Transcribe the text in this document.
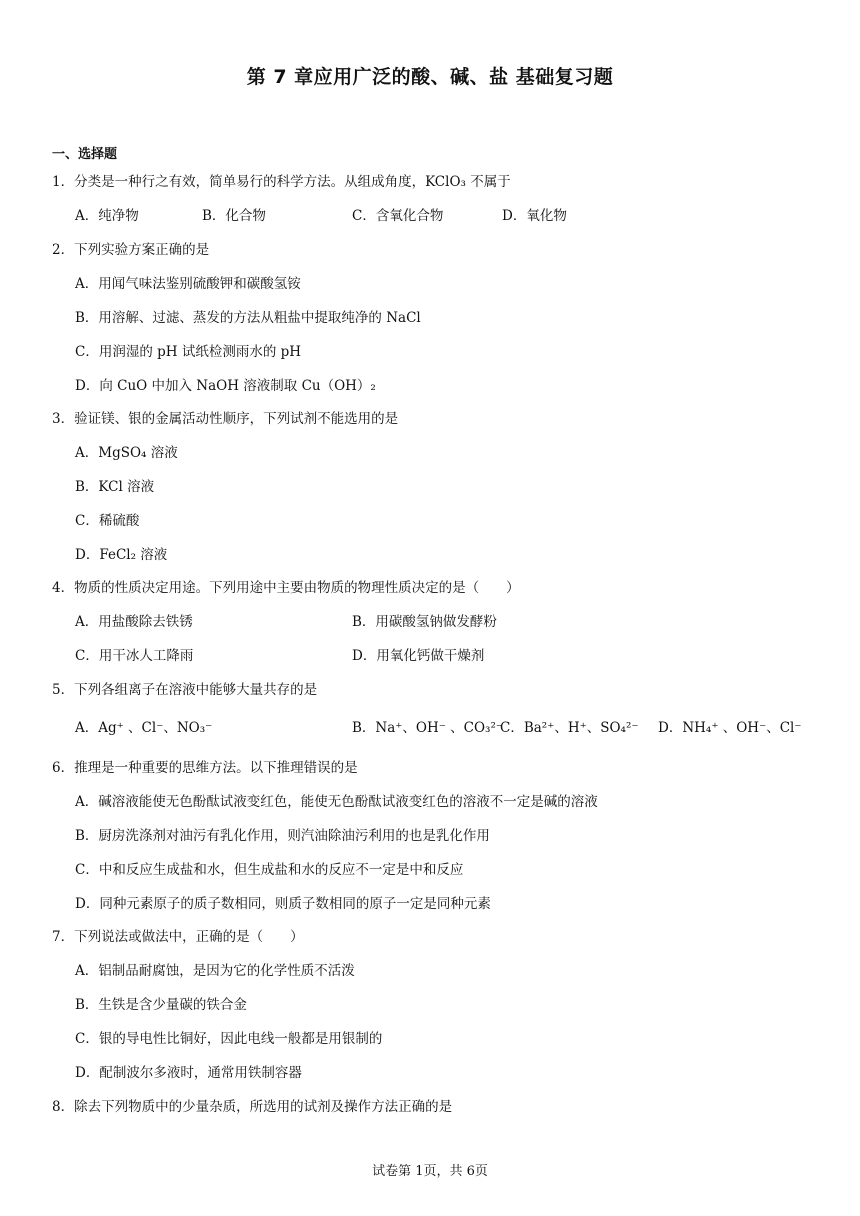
第 7 章应用广泛的酸、碱、盐 基础复习题
一、选择题
1．分类是一种行之有效，简单易行的科学方法。从组成角度，KClO₃ 不属于
A．纯净物	B．化合物	C．含氧化合物	D．氧化物
2．下列实验方案正确的是
A．用闻气味法鉴别硫酸钾和碳酸氢铵
B．用溶解、过滤、蒸发的方法从粗盐中提取纯净的 NaCl
C．用润湿的 pH 试纸检测雨水的 pH
D．向 CuO 中加入 NaOH 溶液制取 Cu（OH）₂
3．验证镁、银的金属活动性顺序，下列试剂不能选用的是
A．MgSO₄ 溶液
B．KCl 溶液
C．稀硫酸
D．FeCl₂ 溶液
4．物质的性质决定用途。下列用途中主要由物质的物理性质决定的是（　　）
A．用盐酸除去铁锈	B．用碳酸氢钠做发酵粉
C．用干冰人工降雨	D．用氧化钙做干燥剂
5．下列各组离子在溶液中能够大量共存的是
A．Ag⁺ 、Cl⁻、NO₃⁻	B．Na⁺、OH⁻ 、CO₃²⁻
C．Ba²⁺、H⁺、SO₄²⁻ D．NH₄⁺ 、OH⁻、Cl⁻
6．推理是一种重要的思维方法。以下推理错误的是
A．碱溶液能使无色酚酞试液变红色，能使无色酚酞试液变红色的溶液不一定是碱的溶液
B．厨房洗涤剂对油污有乳化作用，则汽油除油污利用的也是乳化作用
C．中和反应生成盐和水，但生成盐和水的反应不一定是中和反应
D．同种元素原子的质子数相同，则质子数相同的原子一定是同种元素
7．下列说法或做法中，正确的是（　　）
A．铝制品耐腐蚀，是因为它的化学性质不活泼
B．生铁是含少量碳的铁合金
C．银的导电性比铜好，因此电线一般都是用银制的
D．配制波尔多液时，通常用铁制容器
8．除去下列物质中的少量杂质，所选用的试剂及操作方法正确的是
试卷第 1页，共 6页
